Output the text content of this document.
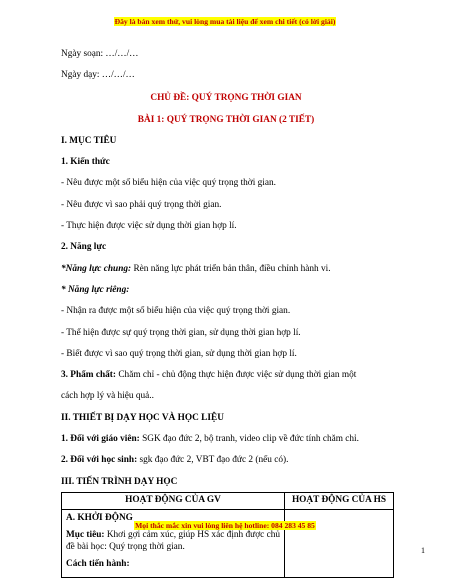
Đây là bản xem thử, vui lòng mua tài liệu để xem chi tiết (có lời giải)
Ngày soạn: …/…/…
Ngày dạy: …/…/…
CHỦ ĐỀ: QUÝ TRỌNG THỜI GIAN
BÀI 1: QUÝ TRỌNG THỜI GIAN (2 TIẾT)
I. MỤC TIÊU
1. Kiến thức
- Nêu được một số biểu hiện của việc quý trọng thời gian.
- Nêu được vì sao phải quý trọng thời gian.
- Thực hiện được việc sử dụng thời gian hợp lí.
2. Năng lực
*Năng lực chung: Rèn năng lực phát triển bản thân, điều chỉnh hành vi.
* Năng lực riêng:
- Nhận ra được một số biểu hiện của việc quý trọng thời gian.
- Thể hiện được sự quý trọng thời gian, sử dụng thời gian hợp lí.
- Biết được vì sao quý trọng thời gian, sử dụng thời gian hợp lí.
3. Phẩm chất: Chăm chỉ - chủ động thực hiện được việc sử dụng thời gian một
cách hợp lý và hiệu quả..
II. THIẾT BỊ DẠY HỌC VÀ HỌC LIỆU
1. Đối với giáo viên: SGK đạo đức 2, bộ tranh, video clip về đức tính chăm chỉ.
2. Đối với học sinh: sgk đạo đức 2, VBT đạo đức 2 (nếu có).
III. TIẾN TRÌNH DẠY HỌC
HOẠT ĐỘNG CỦA GV	HOẠT ĐỘNG CỦA HS

A. KHỞI ĐỘNG

Mục tiêu: Khơi gợi cảm xúc, giúp HS xác định được chủ đề bài học: Quý trọng thời gian.

Cách tiến hành:	

Mọi thắc mắc xin vui lòng liên hệ hotline: 084 283 45 85
1
